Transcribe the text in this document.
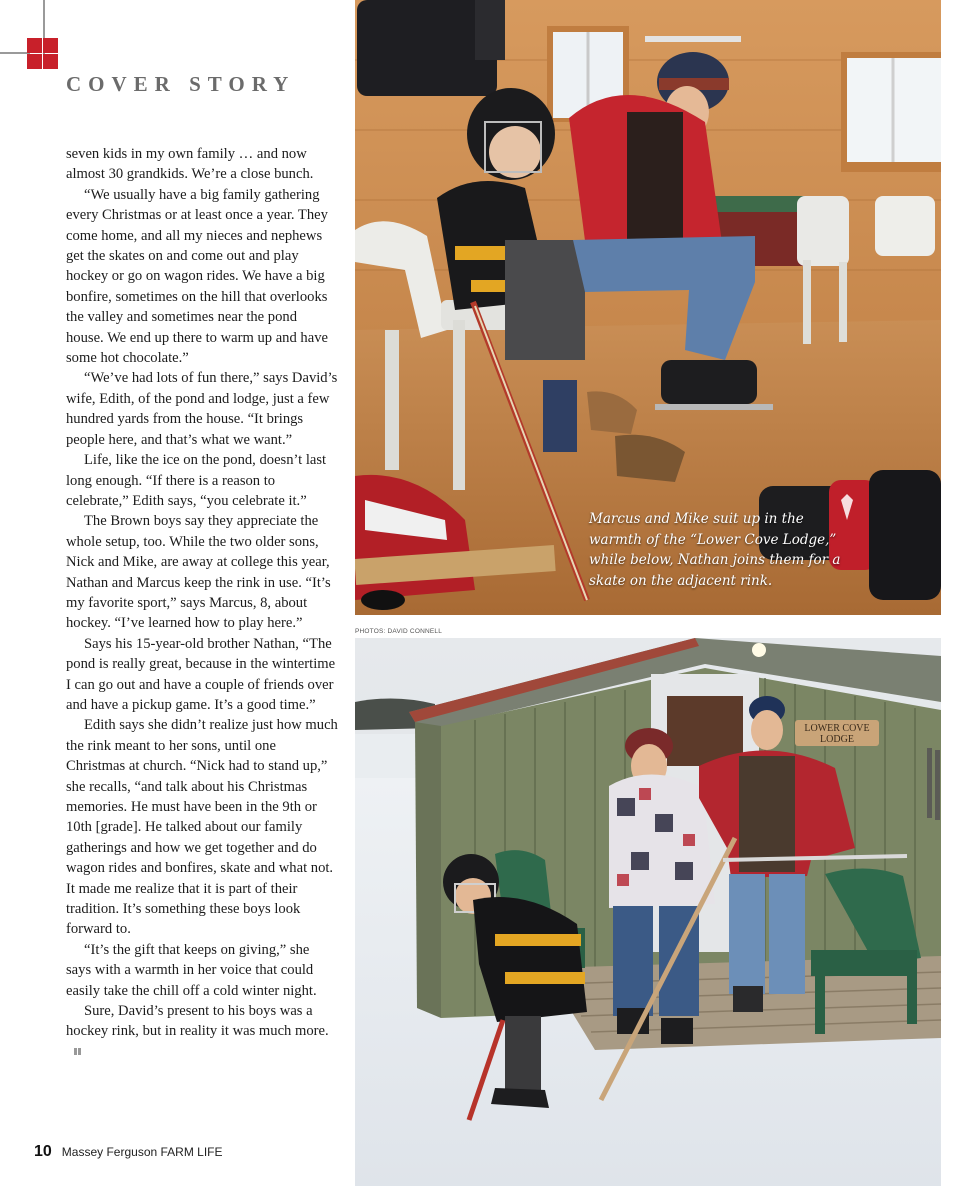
COVER STORY

seven kids in my own family … and now almost 30 grandkids. We’re a close bunch.

“We usually have a big family gathering every Christmas or at least once a year. They come home, and all my nieces and nephews get the skates on and come out and play hockey or go on wagon rides. We have a big bonfire, sometimes on the hill that overlooks the valley and sometimes near the pond house. We end up there to warm up and have some hot chocolate.”

“We’ve had lots of fun there,” says David’s wife, Edith, of the pond and lodge, just a few hundred yards from the house. “It brings people here, and that’s what we want.”

Life, like the ice on the pond, doesn’t last long enough. “If there is a reason to celebrate,” Edith says, “you celebrate it.”

The Brown boys say they appreciate the whole setup, too. While the two older sons, Nick and Mike, are away at college this year, Nathan and Marcus keep the rink in use. “It’s my favorite sport,” says Marcus, 8, about hockey. “I’ve learned how to play here.”

Says his 15-year-old brother Nathan, “The pond is really great, because in the wintertime I can go out and have a couple of friends over and have a pickup game. It’s a good time.”

Edith says she didn’t realize just how much the rink meant to her sons, until one Christmas at church. “Nick had to stand up,” she recalls, “and talk about his Christmas memories. He must have been in the 9th or 10th [grade]. He talked about our family gatherings and how we get together and do wagon rides and bonfires, skate and what not. It made me realize that it is part of their tradition. It’s something these boys look forward to.

“It’s the gift that keeps on giving,” she says with a warmth in her voice that could easily take the chill off a cold winter night.

Sure, David’s present to his boys was a hockey rink, but in reality it was much more.

Marcus and Mike suit up in the warmth of the “Lower Cove Lodge,” while below, Nathan joins them for a skate on the adjacent rink.
PHOTOS: DAVID CONNELL
LOWER COVE
LODGE
10 Massey Ferguson FARM LIFE
